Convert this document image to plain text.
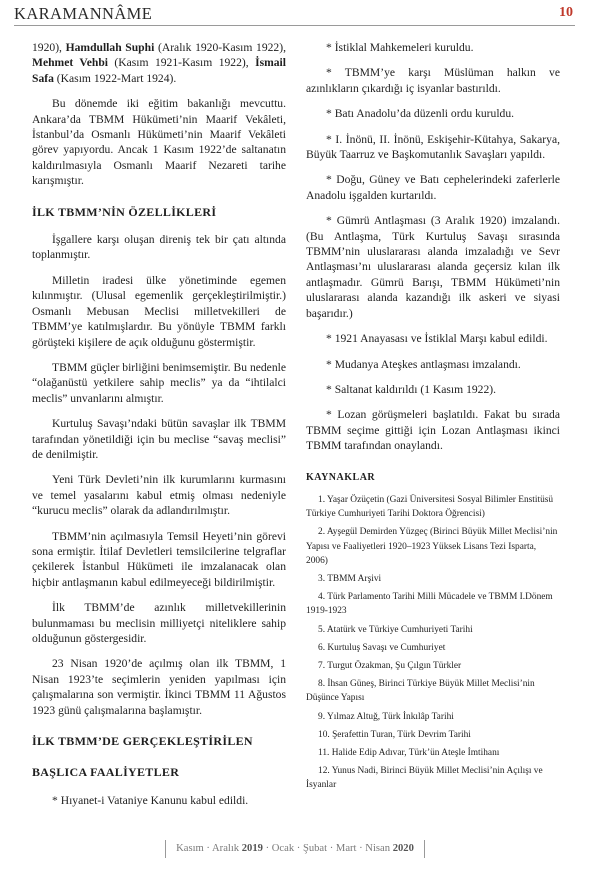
KARAMANNÂME	10

1920), Hamdullah Suphi (Aralık 1920-Kasım 1922), Mehmet Vehbi (Kasım 1921-Kasım 1922), İsmail Safa (Kasım 1922-Mart 1924).

Bu dönemde iki eğitim bakanlığı mevcuttu. Ankara’da TBMM Hükümeti’nin Maarif Vekâleti, İstanbul’da Osmanlı Hükümeti’nin Maarif Vekâleti görev yapıyordu. Ancak 1 Kasım 1922’de saltanatın kaldırılmasıyla Osmanlı Maarif Nezareti tarihe karışmıştır.

İLK TBMM’NİN ÖZELLİKLERİ

İşgallere karşı oluşan direniş tek bir çatı altında toplanmıştır.

Milletin iradesi ülke yönetiminde egemen kılınmıştır. (Ulusal egemenlik gerçekleştirilmiştir.) Osmanlı Mebusan Meclisi milletvekilleri de TBMM’ye katılmışlardır. Bu yönüyle TBMM farklı görüşteki kişilere de açık olduğunu göstermiştir.

TBMM güçler birliğini benimsemiştir. Bu nedenle “olağanüstü yetkilere sahip meclis” ya da “ihtilalci meclis” unvanlarını almıştır.

Kurtuluş Savaşı’ndaki bütün savaşlar ilk TBMM tarafından yönetildiği için bu meclise “savaş meclisi” de denilmiştir.

Yeni Türk Devleti’nin ilk kurumlarını kurmasını ve temel yasalarını kabul etmiş olması nedeniyle “kurucu meclis” olarak da adlandırılmıştır.

TBMM’nin açılmasıyla Temsil Heyeti’nin görevi sona ermiştir. İtilaf Devletleri temsilcilerine telgraflar çekilerek İstanbul Hükümeti ile imzalanacak olan hiçbir antlaşmanın kabul edilmeyeceği bildirilmiştir.

İlk TBMM’de azınlık milletvekillerinin bulunmaması bu meclisin milliyetçi niteliklere sahip olduğunun göstergesidir.

23 Nisan 1920’de açılmış olan ilk TBMM, 1 Nisan 1923’te seçimlerin yeniden yapılması için çalışmalarına son vermiştir. İkinci TBMM 11 Ağustos 1923 günü çalışmalarına başlamıştır.

İLK TBMM’DE GERÇEKLEŞTİRİLEN
BAŞLICA FAALİYETLER

* Hıyanet-i Vataniye Kanunu kabul edildi.

* İstiklal Mahkemeleri kuruldu.

* TBMM’ye karşı Müslüman halkın ve azınlıkların çıkardığı iç isyanlar bastırıldı.

* Batı Anadolu’da düzenli ordu kuruldu.

* I. İnönü, II. İnönü, Eskişehir-Kütahya, Sakarya, Büyük Taarruz ve Başkomutanlık Savaşları yapıldı.

* Doğu, Güney ve Batı cephelerindeki zaferlerle Anadolu işgalden kurtarıldı.

* Gümrü Antlaşması (3 Aralık 1920) imzalandı. (Bu Antlaşma, Türk Kurtuluş Savaşı sırasında TBMM’nin uluslararası alanda imzaladığı ve Sevr Antlaşması’nı uluslararası alanda geçersiz kılan ilk antlaşmadır. Gümrü Barışı, TBMM Hükümeti’nin uluslararası alanda kazandığı ilk askeri ve siyasi başarıdır.)

* 1921 Anayasası ve İstiklal Marşı kabul edildi.

* Mudanya Ateşkes antlaşması imzalandı.

* Saltanat kaldırıldı (1 Kasım 1922).

* Lozan görüşmeleri başlatıldı. Fakat bu sırada TBMM seçime gittiği için Lozan Antlaşması ikinci TBMM tarafından onaylandı.

KAYNAKLAR
1. Yaşar Özüçetin (Gazi Üniversitesi Sosyal Bilimler Enstitüsü Türkiye Cumhuriyeti Tarihi Doktora Öğrencisi)
2. Ayşegül Demirden Yüzgeç (Birinci Büyük Millet Meclisi’nin Yapısı ve Faaliyetleri 1920–1923 Yüksek Lisans Tezi Isparta, 2006)
3. TBMM Arşivi
4. Türk Parlamento Tarihi Milli Mücadele ve TBMM I.Dönem 1919-1923
5. Atatürk ve Türkiye Cumhuriyeti Tarihi
6. Kurtuluş Savaşı ve Cumhuriyet
7. Turgut Özakman, Şu Çılgın Türkler
8. İhsan Güneş, Birinci Türkiye Büyük Millet Meclisi’nin Düşünce Yapısı
9. Yılmaz Altuğ, Türk İnkılâp Tarihi
10. Şerafettin Turan, Türk Devrim Tarihi
11. Halide Edip Adıvar, Türk’ün Ateşle İmtihanı
12. Yunus Nadi, Birinci Büyük Millet Meclisi’nin Açılışı ve İsyanlar
Kasım · Aralık 2019 · Ocak · Şubat · Mart · Nisan 2020
